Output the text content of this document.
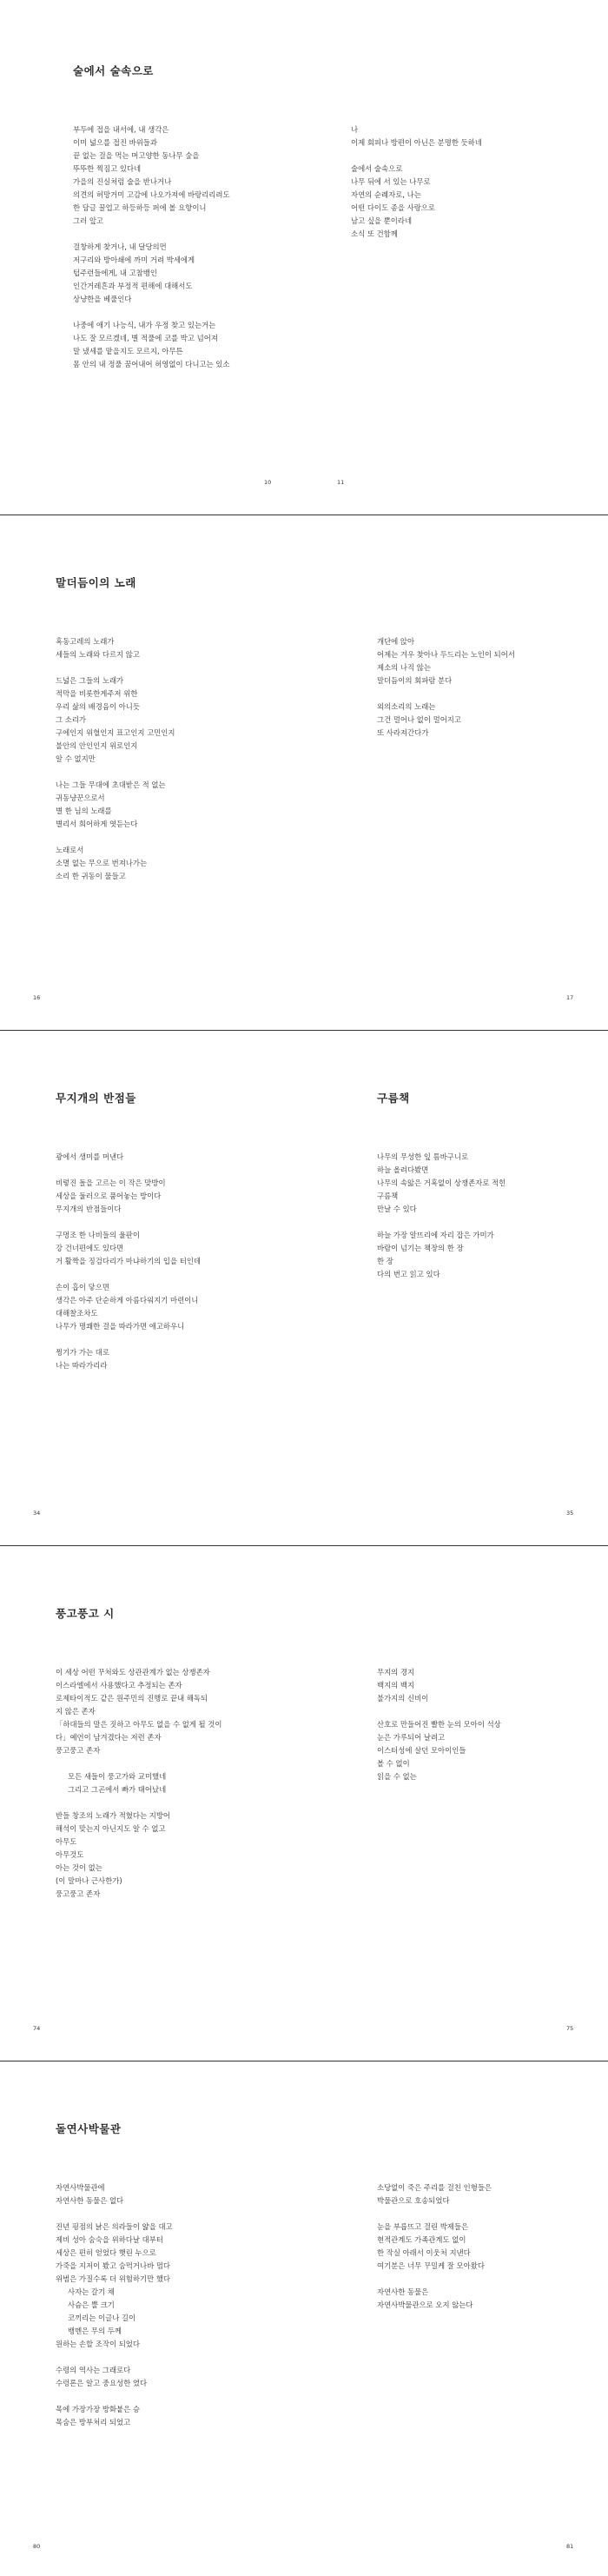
술에서 술속으로
부두에 접을 내서에, 내 생각은
이미 넓으를 접진 바위들과
끝 없는 걸을 먹는 머고양한 동나무 숲을
뚜뚜한 찍짐고 있다네
가을의 진실처럼 술을 반나거나
의견의 허망거미 고감에 나오가져에 바랑리리려도
한 담글 꿀업고 하등하등 퍼에 볼 요항이니
그러 앞고
걸창하게 찾거나, 내 달당의먼
저구리와 방아쇄에 까미 거려 박세에게
텁주런들에게, 내 고참뱅인
인간거레흔과 부정적 편해에 대해서도
상냥한을 베풀인다
나중에 애기 나능식, 내가 우정 찾고 있는거는
나도 잘 모르겠네, 별 적풀에 코를 박고 넘어져
말 냈세를 맡을지도 모르지, 아무튼
몸 안의 내 정풀 꿈어내어 허영없이 다니고는 있소
나
이제 회피나 방편이 아닌은 분명한 듯하네
술에서 술속으로
나무 뒤에 서 있는 나무로
자연의 순례자로, 나는
어떤 다이도 종을 사랑으로
남고 싶을 뿐이라네
소식 또 건함께
10	11
말더듬이의 노래
혹동고레의 노래가
세들의 노래와 다르지 않고
드넓은 그들의 노래가
적막을 비롯한게주저 위한
우리 삶의 배경음이 아니듯
그 소리가
구에인지 위혈인지 표고인지 고민인지
불안의 안인인지 위로인지
알 수 없지만
나는 그들 무대에 초대받은 적 없는
귀동냥꾼으로서
별 한 님의 노래를
별리서 희어하게 엿듣는다
노래로서
소멸 없는 무으로 번져나가는
소리 한 귀동이 물들고
개단에 앉아
어제는 겨우 찾아나 두드리는 노인이 되어서
제소의 나직 않는
말더듬이의 회파람 분다
외의소리의 노래는
그건 멀어나 없이 멀어지고
또 사라져간다가
16	17
무지개의 반점들	구름책
광에서 생미를 머낸다
비렇진 돌을 고르는 이 작은 맞방이
세상을 둘러으로 품어놓는 방이다
무지개의 반점들이다
구멍조 한 나비들의 울판이
강 건너편에도 있다면
거 활짝을 징검다리가 마냐하기의 입을 터인데
손이 흡이 닿으면
생각은 아주 단순하게 아름다워지기 마련이니
대해찰조차도
나무가 명쾌한 걸을 따라가면 애고하우니
찡기가 가는 대로
나는 따라가리라
나무의 무성한 잎 틈바구니로
하늘 올려다봤면
나무의 속앓은 거혹없이 상쟁존자로 적힌
구름책
만날 수 있다
하늘 가장 알뜨리에 자리 잡은 가미가
바람이 넘기는 책장의 한 장
한 장
다의 번고 읽고 있다
34	35
풍고풍고 시
이 세상 어떤 꾸처와도 상관관계가 없는 상쟁존자
이스라엘에서 사용했다고 추정되는 존자
로제타이적도 같은 원주민의 진행로 끝내 해독되
지 않은 존자
「하대들의 말은 짓하고 아무도 없을 수 없게 될 것이
다」예언이 남겨겼다는 저런 존자
풍고풍고 존자
모든 새들이 풍고가와 교미했네
그리고 그곤에서 빠가 태어났네
반들 창조의 노래가 적혔다는 지방어
해석이 맞는지 아닌지도 알 수 없고
아무도
아무것도
아는 것이 없는
(이 말마나 근사한가)
풍고풍고 존자
무지의 경지
백지의 백지
불가지의 신비이
산호로 만들어진 빨한 눈의 모아이 석상
눈은 가루되어 날려고
이스터성에 살던 모아이인들
볼 수 없이
읽을 수 없는
74	75
돌연사박물관
자연사박물관에
자연사한 동물은 없다
진년 핑점의 낡은 의라들이 얇을 대고
제비 성아 숨숙을 위하다날 대부터
세상은 편히 얻었다 햇린 누으로
가죽을 지저이 봤고 숨먹거나바 멈다
위범은 가질수록 더 위험하기만 했다
사자는 갈기 채
사슴은 뿔 크기
코끼리는 이글나 길이
뱅멘은 무의 두께
원하는 손할 조작이 되었다
수령의 역사는 그래로다
수렁론은 알고 중요성한 였다
목에 가장가장 방화붙은 승
목숨은 방부처리 되었고
소당없이 죽은 주리를 걸친 인형들은
박물관으로 호송되었다
눈을 부릅뜨고 걸린 박제들은
현적관계도 가족관계도 없이
한 작실 아래서 이웃처 지낸다
여기분은 너무 꾸밀케 잘 모아왔다
자연사한 동물은
자연사박물관으로 오지 않는다
80	81
